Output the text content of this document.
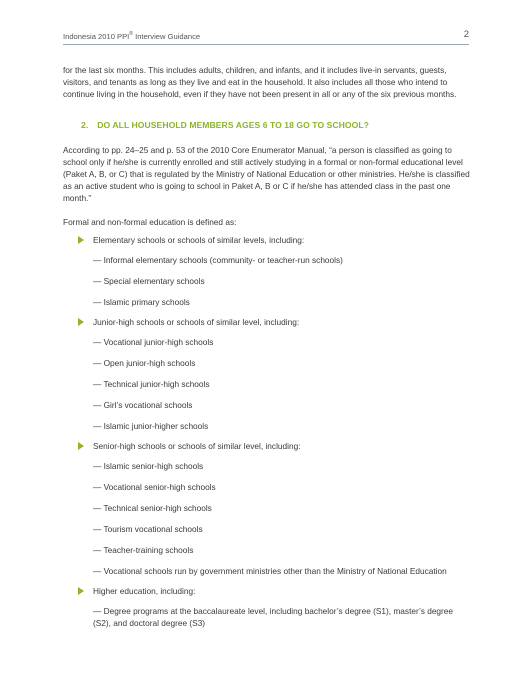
Indonesia 2010 PPI® Interview Guidance	2

for the last six months. This includes adults, children, and infants, and it includes live-in servants, guests, visitors, and tenants as long as they live and eat in the household. It also includes all those who intend to continue living in the household, even if they have not been present in all or any of the six previous months.

2. DO ALL HOUSEHOLD MEMBERS AGES 6 TO 18 GO TO SCHOOL?

According to pp. 24–25 and p. 53 of the 2010 Core Enumerator Manual, “a person is classified as going to school only if he/she is currently enrolled and still actively studying in a formal or non-formal educational level (Paket A, B, or C) that is regulated by the Ministry of National Education or other ministries. He/she is classified as an active student who is going to school in Paket A, B or C if he/she has attended class in the past one month.”

Formal and non-formal education is defined as:

Elementary schools or schools of similar levels, including:
— Informal elementary schools (community- or teacher-run schools)
— Special elementary schools
— Islamic primary schools
Junior-high schools or schools of similar level, including:
— Vocational junior-high schools
— Open junior-high schools
— Technical junior-high schools
— Girl’s vocational schools
— Islamic junior-higher schools
Senior-high schools or schools of similar level, including:
— Islamic senior-high schools
— Vocational senior-high schools
— Technical senior-high schools
— Tourism vocational schools
— Teacher-training schools
— Vocational schools run by government ministries other than the Ministry of National Education
Higher education, including:
— Degree programs at the baccalaureate level, including bachelor’s degree (S1), master’s degree (S2), and doctoral degree (S3)
